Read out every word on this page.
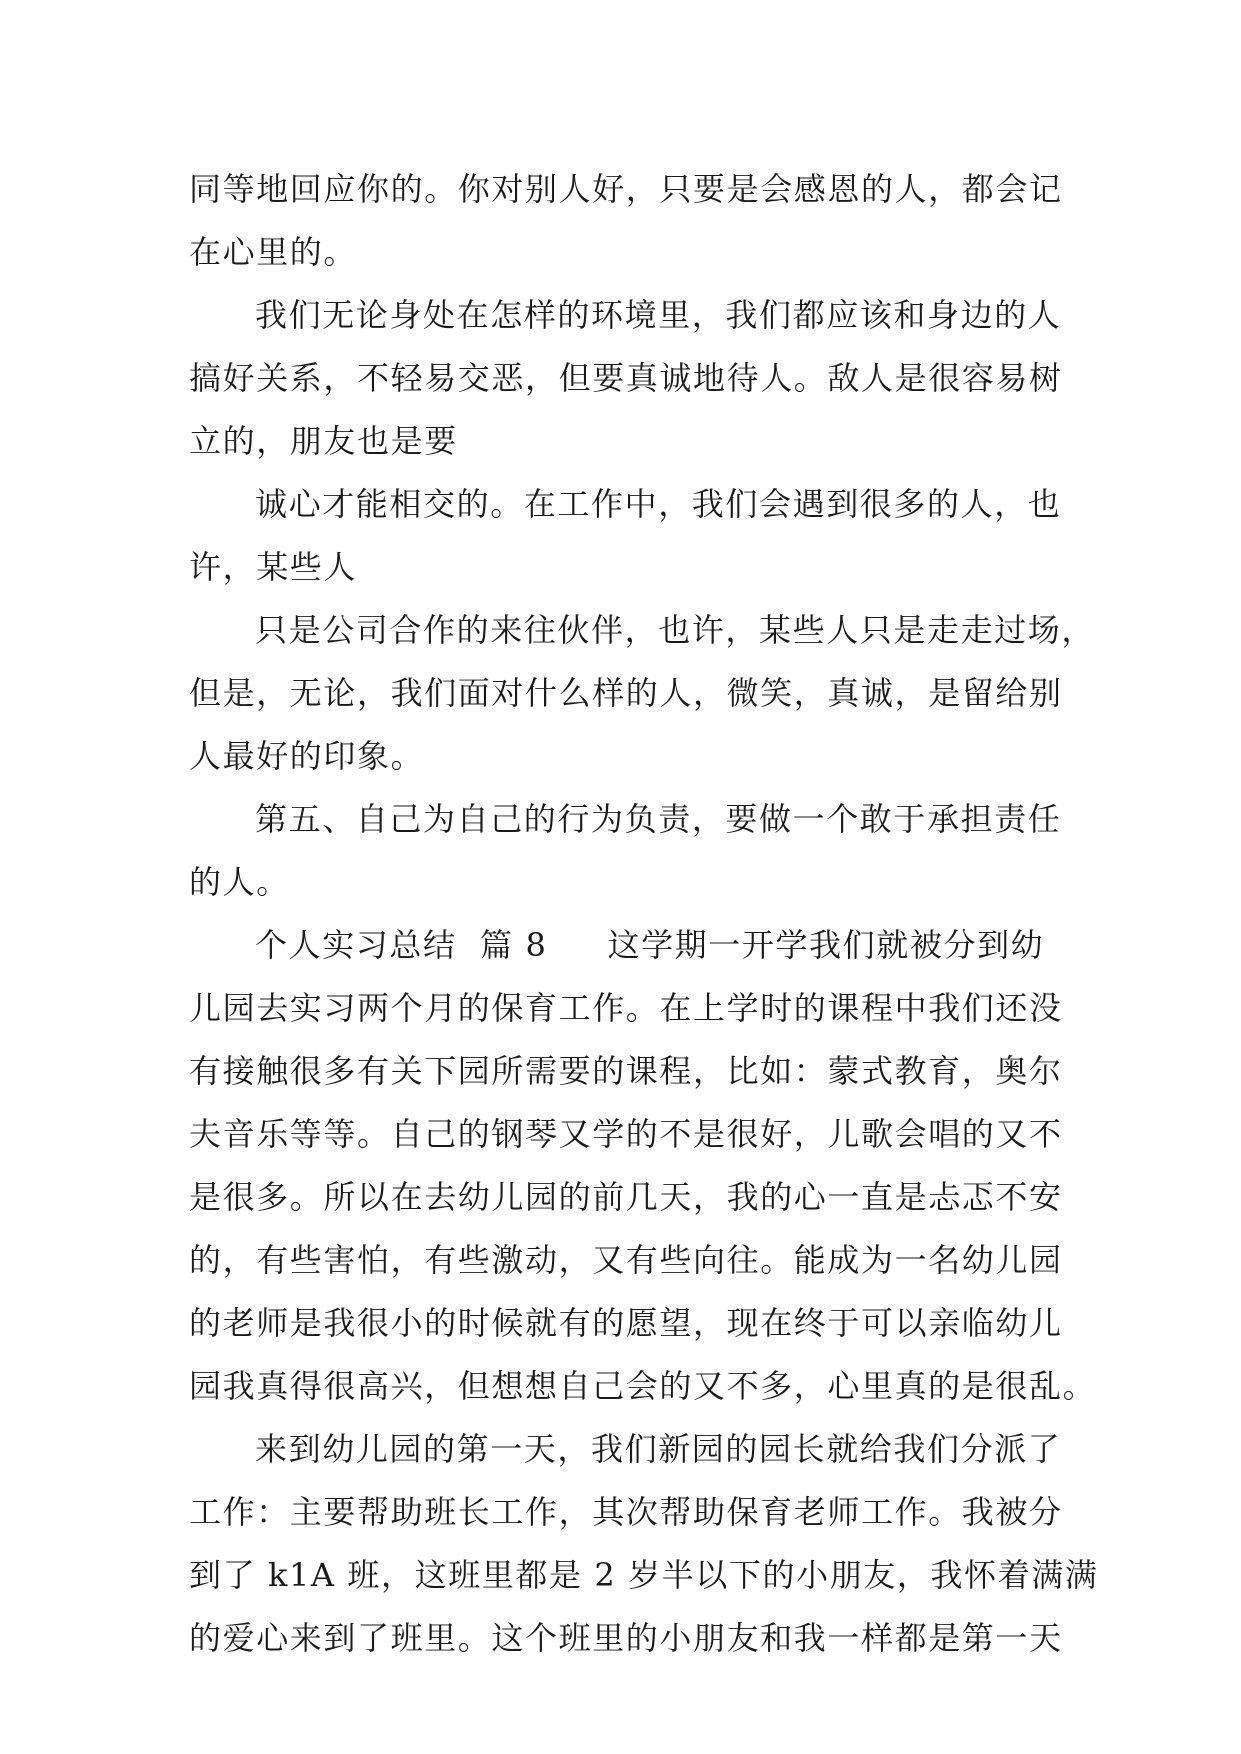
同等地回应你的。你对别人好，只要是会感恩的人，都会记
在心里的。

我们无论身处在怎样的环境里，我们都应该和身边的人
搞好关系，不轻易交恶，但要真诚地待人。敌人是很容易树
立的，朋友也是要

诚心才能相交的。在工作中，我们会遇到很多的人，也
许，某些人

只是公司合作的来往伙伴，也许，某些人只是走走过场，
但是，无论，我们面对什么样的人，微笑，真诚，是留给别
人最好的印象。

第五、自己为自己的行为负责，要做一个敢于承担责任
的人。

个人实习总结  篇 8 这学期一开学我们就被分到幼
儿园去实习两个月的保育工作。在上学时的课程中我们还没
有接触很多有关下园所需要的课程，比如：蒙式教育，奥尔
夫音乐等等。自己的钢琴又学的不是很好，儿歌会唱的又不
是很多。所以在去幼儿园的前几天，我的心一直是忐忑不安
的，有些害怕，有些激动，又有些向往。能成为一名幼儿园
的老师是我很小的时候就有的愿望，现在终于可以亲临幼儿
园我真得很高兴，但想想自己会的又不多，心里真的是很乱。

来到幼儿园的第一天，我们新园的园长就给我们分派了
工作：主要帮助班长工作，其次帮助保育老师工作。我被分
到了 k1A 班，这班里都是 2 岁半以下的小朋友，我怀着满满
的爱心来到了班里。这个班里的小朋友和我一样都是第一天
